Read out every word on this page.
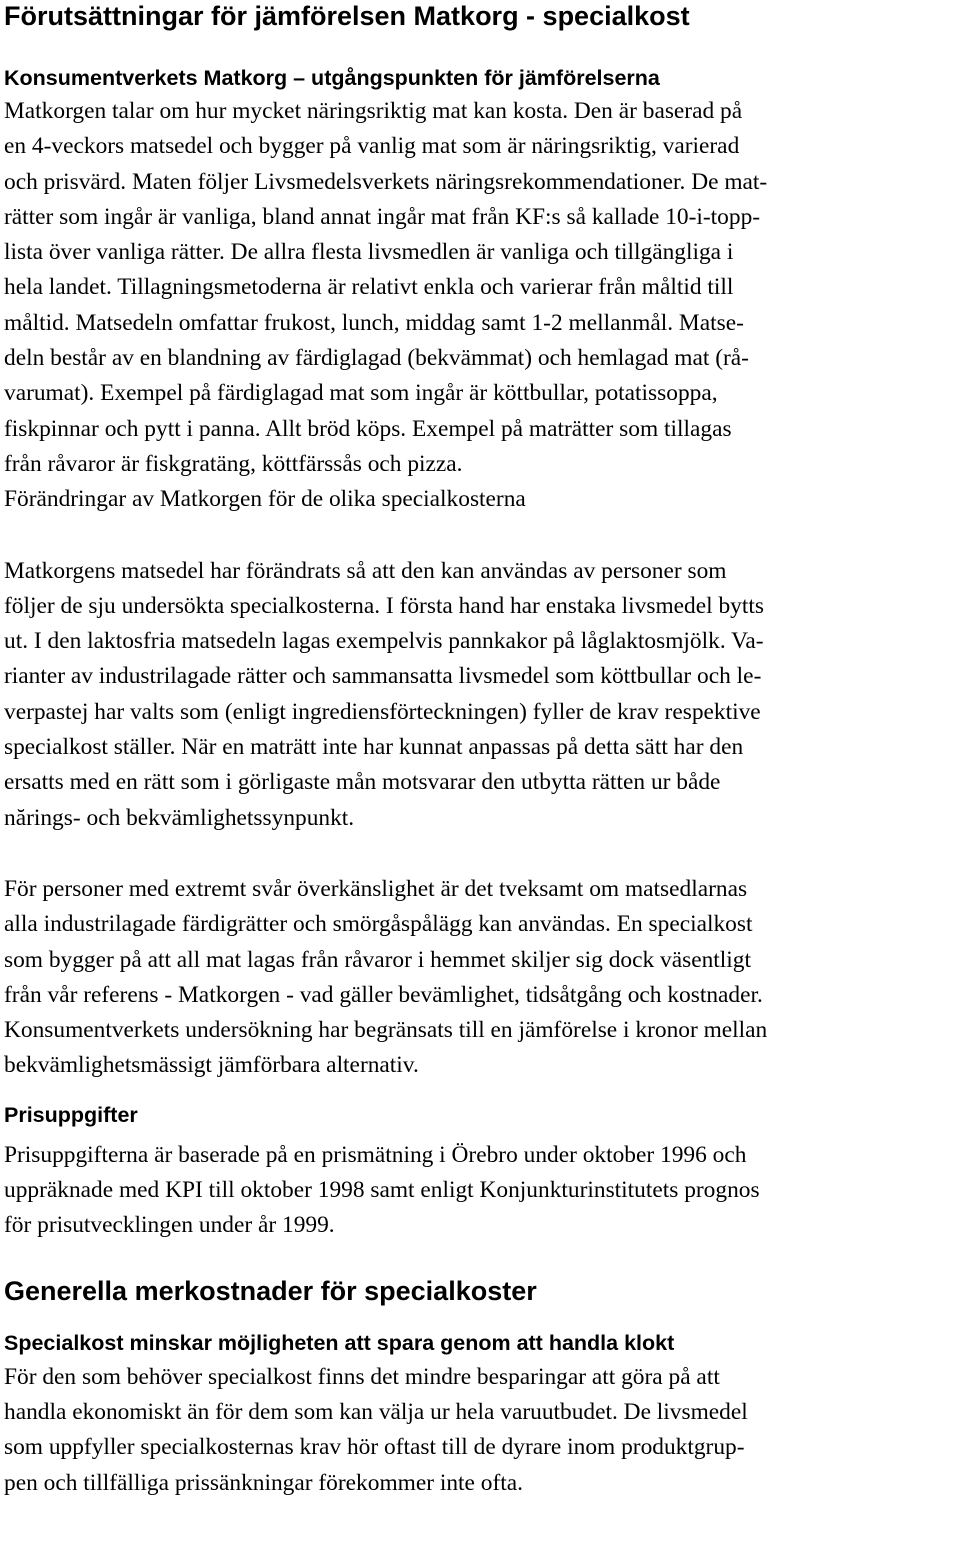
Förutsättningar för jämförelsen Matkorg - specialkost
Konsumentverkets Matkorg – utgångspunkten för jämförelserna

Matkorgen talar om hur mycket näringsriktig mat kan kosta. Den är baserad på
en 4-veckors matsedel och bygger på vanlig mat som är näringsriktig, varierad
och prisvärd. Maten följer Livsmedelsverkets näringsrekommendationer. De mat-
rätter som ingår är vanliga, bland annat ingår mat från KF:s så kallade 10-i-topp-
lista över vanliga rätter. De allra flesta livsmedlen är vanliga och tillgängliga i
hela landet. Tillagningsmetoderna är relativt enkla och varierar från måltid till
måltid. Matsedeln omfattar frukost, lunch, middag samt 1-2 mellanmål. Matse-
deln består av en blandning av färdiglagad (bekvämmat) och hemlagad mat (rå-
varumat). Exempel på färdiglagad mat som ingår är köttbullar, potatissoppa,
fiskpinnar och pytt i panna. Allt bröd köps. Exempel på maträtter som tillagas
från råvaror är fiskgratäng, köttfärssås och pizza.

Förändringar av Matkorgen för de olika specialkosterna

Matkorgens matsedel har förändrats så att den kan användas av personer som
följer de sju undersökta specialkosterna. I första hand har enstaka livsmedel bytts
ut. I den laktosfria matsedeln lagas exempelvis pannkakor på låglaktosmjölk. Va-
rianter av industrilagade rätter och sammansatta livsmedel som köttbullar och le-
verpastej har valts som (enligt ingrediensförteckningen) fyller de krav respektive
specialkost ställer. När en maträtt inte har kunnat anpassas på detta sätt har den
ersatts med en rätt som i görligaste mån motsvarar den utbytta rätten ur både
nărings- och bekvämlighetssynpunkt.

För personer med extremt svår överkänslighet är det tveksamt om matsedlarnas
alla industrilagade färdigrätter och smörgåspålägg kan användas. En specialkost
som bygger på att all mat lagas från råvaror i hemmet skiljer sig dock väsentligt
från vår referens - Matkorgen - vad gäller bevämlighet, tidsåtgång och kostnader.
Konsumentverkets undersökning har begränsats till en jämförelse i kronor mellan
bekvämlighetsmässigt jämförbara alternativ.

Prisuppgifter

Prisuppgifterna är baserade på en prismätning i Örebro under oktober 1996 och
uppräknade med KPI till oktober 1998 samt enligt Konjunkturinstitutets prognos
för prisutvecklingen under år 1999.

Generella merkostnader för specialkoster
Specialkost minskar möjligheten att spara genom att handla klokt

För den som behöver specialkost finns det mindre besparingar att göra på att
handla ekonomiskt än för dem som kan välja ur hela varuutbudet. De livsmedel
som uppfyller specialkosternas krav hör oftast till de dyrare inom produktgrup-
pen och tillfälliga prissänkningar förekommer inte ofta.
